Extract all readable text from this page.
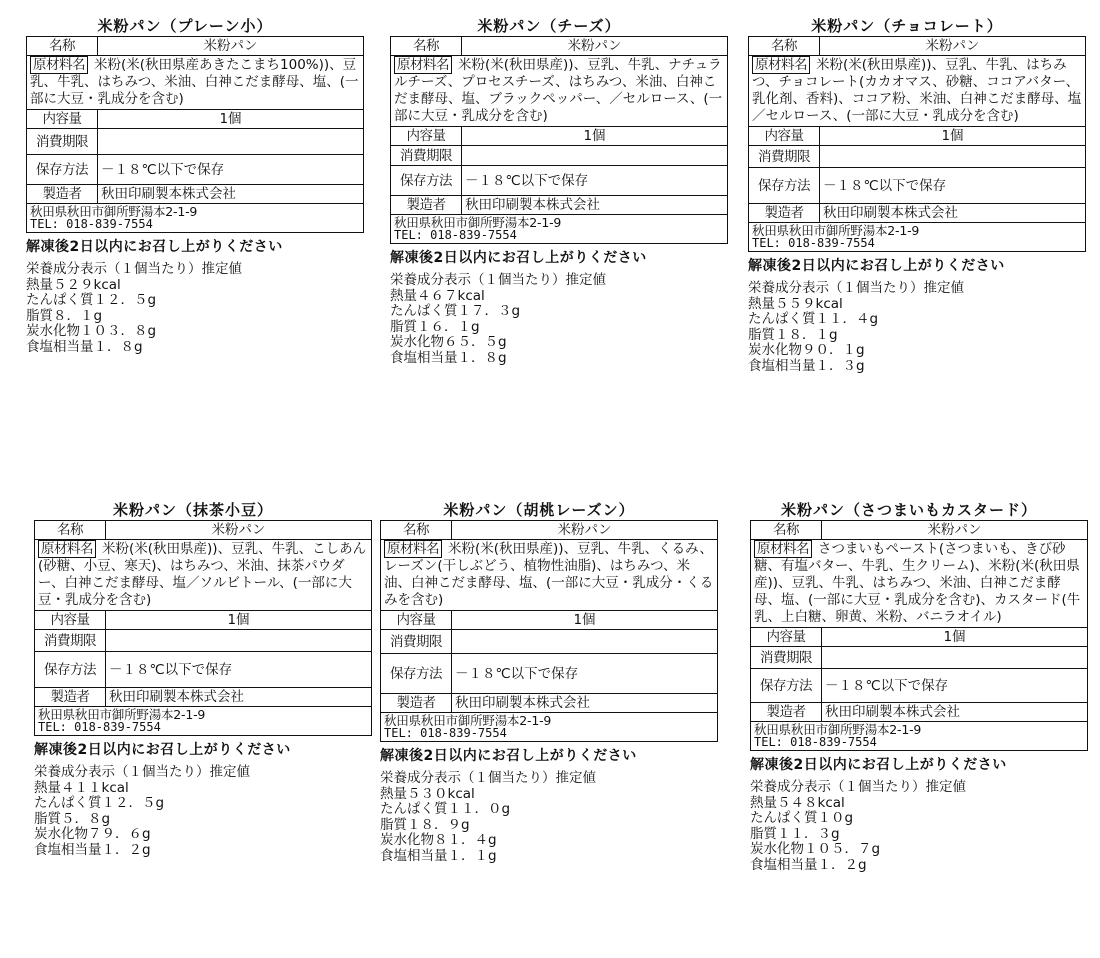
米粉パン（プレーン小）
名称	米粉パン
原材料名 米粉(米(秋田県産あきたこまち100%))、豆乳、牛乳、はちみつ、米油、白神こだま酵母、塩、(一部に大豆・乳成分を含む)	
内容量	1個
消費期限	
保存方法	－１８℃以下で保存
製造者	秋田印刷製本株式会社

秋田県秋田市御所野湯本2-1-9
TEL: 018-839-7554	
解凍後2日以内にお召し上がりください
栄養成分表示（１個当たり）推定値
熱量５２９kcal
たんぱく質１２．５g
脂質８．１g
炭水化物１０３．８g
食塩相当量１．８g
米粉パン（チーズ）
名称	米粉パン
原材料名 米粉(米(秋田県産))、豆乳、牛乳、ナチュラルチーズ、プロセスチーズ、はちみつ、米油、白神こだま酵母、塩、ブラックペッパー、／セルロース、(一部に大豆・乳成分を含む)	
内容量	1個
消費期限	
保存方法	－１８℃以下で保存
製造者	秋田印刷製本株式会社

秋田県秋田市御所野湯本2-1-9
TEL: 018-839-7554	
解凍後2日以内にお召し上がりください
栄養成分表示（１個当たり）推定値
熱量４６７kcal
たんぱく質１７．３g
脂質１６．１g
炭水化物６５．５g
食塩相当量１．８g
米粉パン（チョコレート）
名称	米粉パン
原材料名 米粉(米(秋田県産))、豆乳、牛乳、はちみつ、チョコレート(カカオマス、砂糖、ココアバター、乳化剤、香料)、ココア粉、米油、白神こだま酵母、塩／セルロース、(一部に大豆・乳成分を含む)	
内容量	1個
消費期限	
保存方法	－１８℃以下で保存
製造者	秋田印刷製本株式会社

秋田県秋田市御所野湯本2-1-9
TEL: 018-839-7554	
解凍後2日以内にお召し上がりください
栄養成分表示（１個当たり）推定値
熱量５５９kcal
たんぱく質１１．４g
脂質１８．１g
炭水化物９０．１g
食塩相当量１．３g
米粉パン（抹茶小豆）
名称	米粉パン
原材料名 米粉(米(秋田県産))、豆乳、牛乳、こしあん(砂糖、小豆、寒天)、はちみつ、米油、抹茶パウダー、白神こだま酵母、塩／ソルビトール、(一部に大豆・乳成分を含む)	
内容量	1個
消費期限	
保存方法	－１８℃以下で保存
製造者	秋田印刷製本株式会社

秋田県秋田市御所野湯本2-1-9
TEL: 018-839-7554	
解凍後2日以内にお召し上がりください
栄養成分表示（１個当たり）推定値
熱量４１１kcal
たんぱく質１２．５g
脂質５．８g
炭水化物７９．６g
食塩相当量１．２g
米粉パン（胡桃レーズン）
名称	米粉パン
原材料名 米粉(米(秋田県産))、豆乳、牛乳、くるみ、レーズン(干しぶどう、植物性油脂)、はちみつ、米油、白神こだま酵母、塩、(一部に大豆・乳成分・くるみを含む)	
内容量	1個
消費期限	
保存方法	－１８℃以下で保存
製造者	秋田印刷製本株式会社

秋田県秋田市御所野湯本2-1-9
TEL: 018-839-7554	
解凍後2日以内にお召し上がりください
栄養成分表示（１個当たり）推定値
熱量５３０kcal
たんぱく質１１．０g
脂質１８．９g
炭水化物８１．４g
食塩相当量１．１g
米粉パン（さつまいもカスタード）
名称	米粉パン
原材料名 さつまいもペースト(さつまいも、きび砂糖、有塩バター、牛乳、生クリーム)、米粉(米(秋田県産))、豆乳、牛乳、はちみつ、米油、白神こだま酵母、塩、(一部に大豆・乳成分を含む)、カスタード(牛乳、上白糖、卵黄、米粉、バニラオイル)	
内容量	1個
消費期限	
保存方法	－１８℃以下で保存
製造者	秋田印刷製本株式会社

秋田県秋田市御所野湯本2-1-9
TEL: 018-839-7554	
解凍後2日以内にお召し上がりください
栄養成分表示（１個当たり）推定値
熱量５４８kcal
たんぱく質１０g
脂質１１．３g
炭水化物１０５．７g
食塩相当量１．２g
